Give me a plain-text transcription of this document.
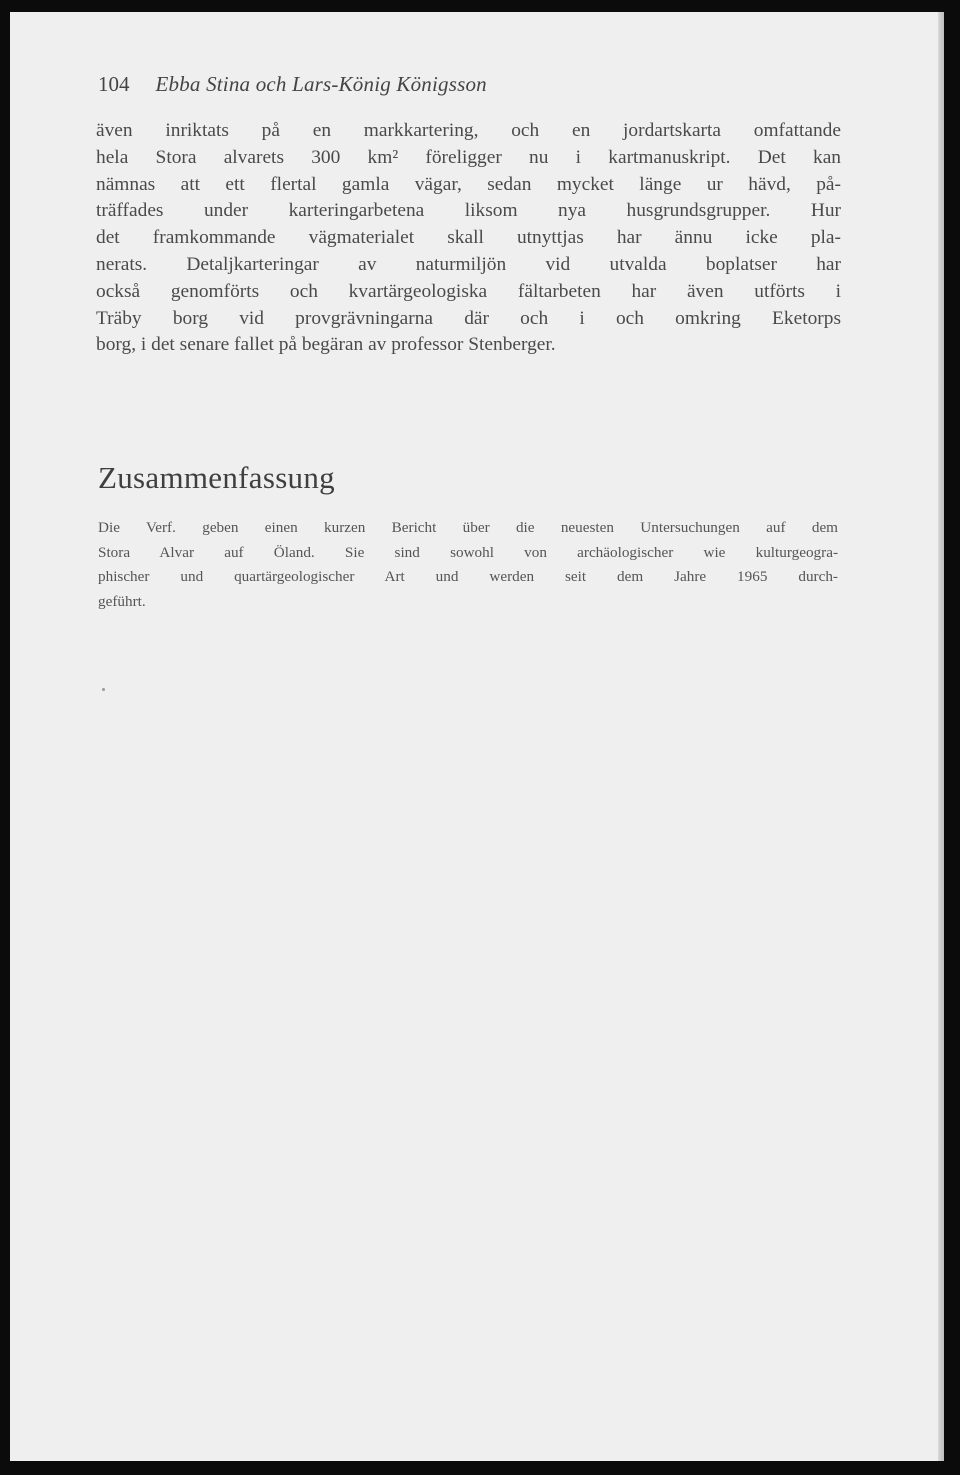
104 Ebba Stina och Lars-König Königsson
även inriktats på en markkartering, och en jordartskarta omfattande
hela Stora alvarets 300 km² föreligger nu i kartmanuskript. Det kan
nämnas att ett flertal gamla vägar, sedan mycket länge ur hävd, på-
träffades under karteringarbetena liksom nya husgrundsgrupper. Hur
det framkommande vägmaterialet skall utnyttjas har ännu icke pla-
nerats. Detaljkarteringar av naturmiljön vid utvalda boplatser har
också genomförts och kvartärgeologiska fältarbeten har även utförts i
Träby borg vid provgrävningarna där och i och omkring Eketorps
borg, i det senare fallet på begäran av professor Stenberger.
Zusammenfassung
Die Verf. geben einen kurzen Bericht über die neuesten Untersuchungen auf dem
Stora Alvar auf Öland. Sie sind sowohl von archäologischer wie kulturgeogra-
phischer und quartärgeologischer Art und werden seit dem Jahre 1965 durch-
geführt.
